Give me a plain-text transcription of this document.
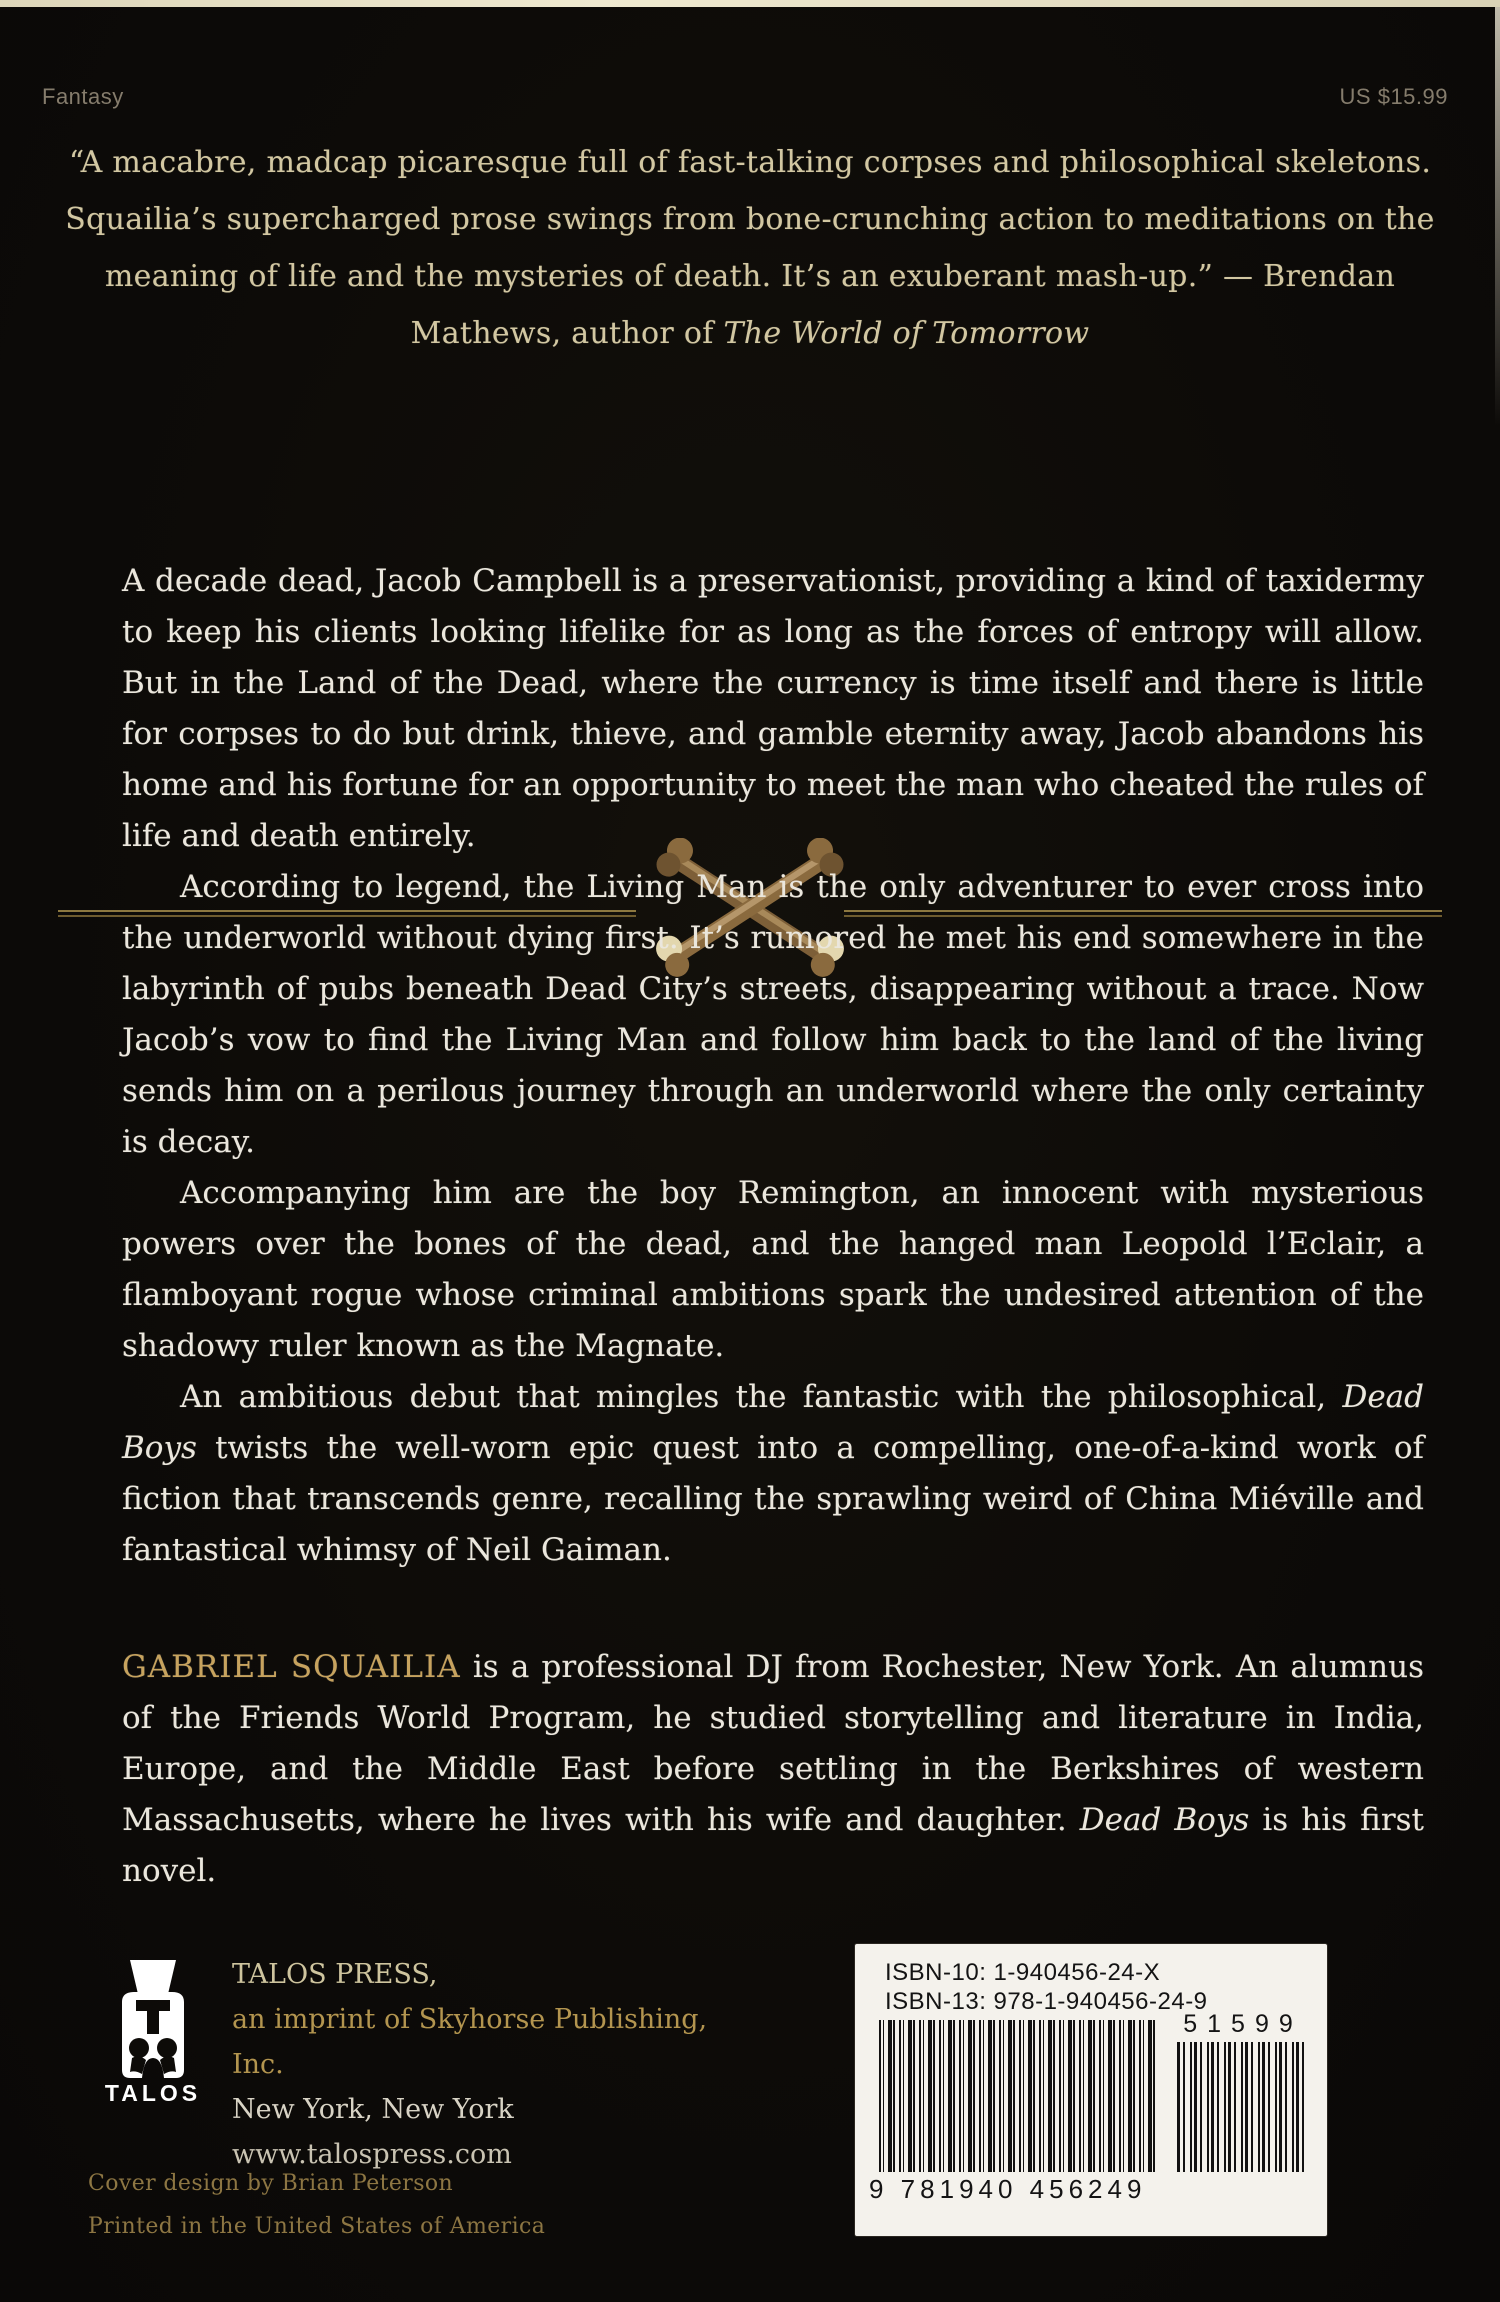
Fantasy	US $15.99
“A macabre, madcap picaresque full of fast-talking corpses and philosophical skeletons. Squailia’s supercharged prose swings from bone-crunching action to meditations on the meaning of life and the mysteries of death. It’s an exuberant mash-up.” — Brendan Mathews, author of The World of Tomorrow

A decade dead, Jacob Campbell is a preservationist, providing a kind of taxidermy to keep his clients looking lifelike for as long as the forces of entropy will allow. But in the Land of the Dead, where the currency is time itself and there is little for corpses to do but drink, thieve, and gamble eternity away, Jacob abandons his home and his fortune for an opportunity to meet the man who cheated the rules of life and death entirely.

According to legend, the Living Man is the only adventurer to ever cross into the underworld without dying first. It’s rumored he met his end somewhere in the labyrinth of pubs beneath Dead City’s streets, disappearing without a trace. Now Jacob’s vow to find the Living Man and follow him back to the land of the living sends him on a perilous journey through an underworld where the only certainty is decay.

Accompanying him are the boy Remington, an innocent with mysterious powers over the bones of the dead, and the hanged man Leopold l’Eclair, a flamboyant rogue whose criminal ambitions spark the undesired attention of the shadowy ruler known as the Magnate.

An ambitious debut that mingles the fantastic with the philosophical, Dead Boys twists the well-worn epic quest into a compelling, one-of-a-kind work of fiction that transcends genre, recalling the sprawling weird of China Miéville and fantastical whimsy of Neil Gaiman.

GABRIEL SQUAILIA is a professional DJ from Rochester, New York. An alumnus of the Friends World Program, he studied storytelling and literature in India, Europe, and the Middle East before settling in the Berkshires of western Massachusetts, where he lives with his wife and daughter. Dead Boys is his first novel.
TALOS
TALOS PRESS,
an imprint of Skyhorse Publishing, Inc.
New York, New York
www.talospress.com
Cover design by Brian Peterson
Printed in the United States of America
ISBN-10: 1-940456-24-X
ISBN-13: 978-1-940456-24-9
9 781940 456249
51599
